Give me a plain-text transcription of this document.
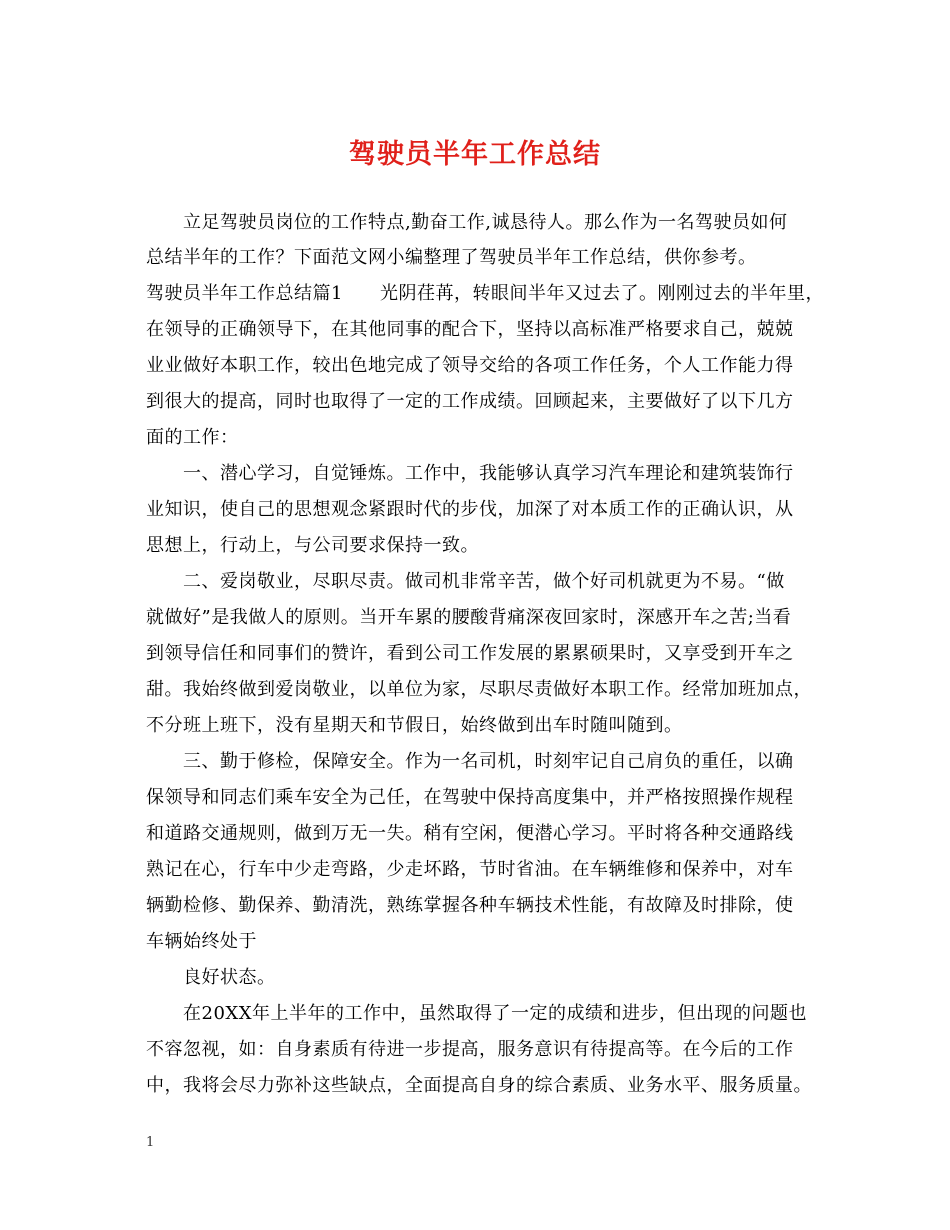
驾驶员半年工作总结
立足驾驶员岗位的工作特点,勤奋工作,诚恳待人。那么作为一名驾驶员如何
总结半年的工作？下面范文网小编整理了驾驶员半年工作总结，供你参考。
驾驶员半年工作总结篇1　　光阴荏苒，转眼间半年又过去了。刚刚过去的半年里，
在领导的正确领导下，在其他同事的配合下，坚持以高标准严格要求自己，兢兢
业业做好本职工作，较出色地完成了领导交给的各项工作任务，个人工作能力得
到很大的提高，同时也取得了一定的工作成绩。回顾起来，主要做好了以下几方
面的工作：
一、潜心学习，自觉锤炼。工作中，我能够认真学习汽车理论和建筑装饰行
业知识，使自己的思想观念紧跟时代的步伐，加深了对本质工作的正确认识，从
思想上，行动上，与公司要求保持一致。
二、爱岗敬业，尽职尽责。做司机非常辛苦，做个好司机就更为不易。“做
就做好”是我做人的原则。当开车累的腰酸背痛深夜回家时，深感开车之苦;当看
到领导信任和同事们的赞许，看到公司工作发展的累累硕果时，又享受到开车之
甜。我始终做到爱岗敬业，以单位为家，尽职尽责做好本职工作。经常加班加点，
不分班上班下，没有星期天和节假日，始终做到出车时随叫随到。
三、勤于修检，保障安全。作为一名司机，时刻牢记自己肩负的重任，以确
保领导和同志们乘车安全为己任，在驾驶中保持高度集中，并严格按照操作规程
和道路交通规则，做到万无一失。稍有空闲，便潜心学习。平时将各种交通路线
熟记在心，行车中少走弯路，少走坏路，节时省油。在车辆维修和保养中，对车
辆勤检修、勤保养、勤清洗，熟练掌握各种车辆技术性能，有故障及时排除，使
车辆始终处于
良好状态。
在20XX年上半年的工作中，虽然取得了一定的成绩和进步，但出现的问题也
不容忽视，如：自身素质有待进一步提高，服务意识有待提高等。在今后的工作
中，我将会尽力弥补这些缺点，全面提高自身的综合素质、业务水平、服务质量。
1
